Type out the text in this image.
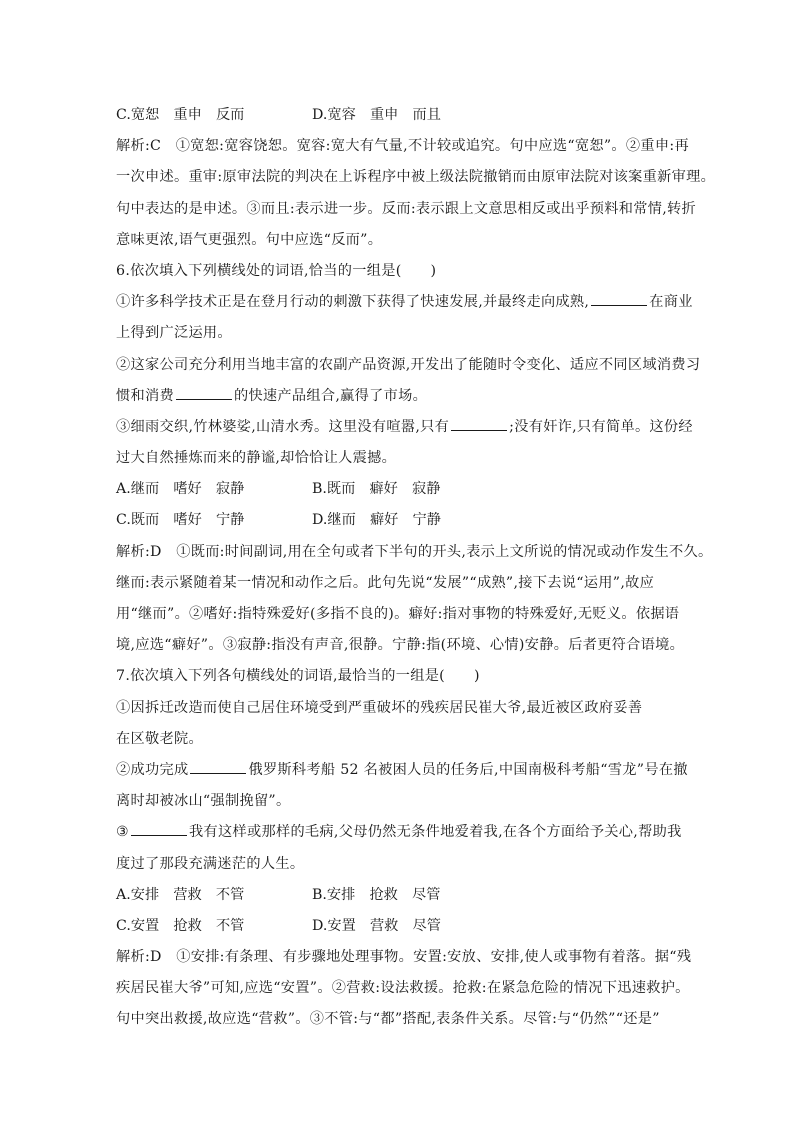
C.宽恕　重申　反而	D.宽容　重申　而且
解析:C　①宽恕:宽容饶恕。宽容:宽大有气量,不计较或追究。句中应选“宽恕”。②重申:再
一次申述。重审:原审法院的判决在上诉程序中被上级法院撤销而由原审法院对该案重新审理。
句中表达的是申述。③而且:表示进一步。反而:表示跟上文意思相反或出乎预料和常情,转折
意味更浓,语气更强烈。句中应选“反而”。
6.依次填入下列横线处的词语,恰当的一组是(　　)
①许多科学技术正是在登月行动的刺激下获得了快速发展,并最终走向成熟,	在商业
上得到广泛运用。
②这家公司充分利用当地丰富的农副产品资源,开发出了能随时令变化、适应不同区域消费习
惯和消费	的快速产品组合,赢得了市场。
③细雨交织,竹林婆娑,山清水秀。这里没有喧嚣,只有	;没有奸诈,只有简单。这份经
过大自然捶炼而来的静谧,却恰恰让人震撼。
A.继而　嗜好　寂静	B.既而　癖好　寂静
C.既而　嗜好　宁静	D.继而　癖好　宁静
解析:D　①既而:时间副词,用在全句或者下半句的开头,表示上文所说的情况或动作发生不久。
继而:表示紧随着某一情况和动作之后。此句先说“发展”“成熟”,接下去说“运用”,故应
用“继而”。②嗜好:指特殊爱好(多指不良的)。癖好:指对事物的特殊爱好,无贬义。依据语
境,应选“癖好”。③寂静:指没有声音,很静。宁静:指(环境、心情)安静。后者更符合语境。
7.依次填入下列各句横线处的词语,最恰当的一组是(　　)
①因拆迁改造而使自己居住环境受到严重破坏的残疾居民崔大爷,最近被区政府妥善
在区敬老院。
②成功完成	俄罗斯科考船 52 名被困人员的任务后,中国南极科考船“雪龙”号在撤
离时却被冰山“强制挽留”。
③	我有这样或那样的毛病,父母仍然无条件地爱着我,在各个方面给予关心,帮助我
度过了那段充满迷茫的人生。
A.安排　营救　不管	B.安排　抢救　尽管
C.安置　抢救　不管	D.安置　营救　尽管
解析:D　①安排:有条理、有步骤地处理事物。安置:安放、安排,使人或事物有着落。据“残
疾居民崔大爷”可知,应选“安置”。②营救:设法救援。抢救:在紧急危险的情况下迅速救护。
句中突出救援,故应选“营救”。③不管:与“都”搭配,表条件关系。尽管:与“仍然”“还是”
